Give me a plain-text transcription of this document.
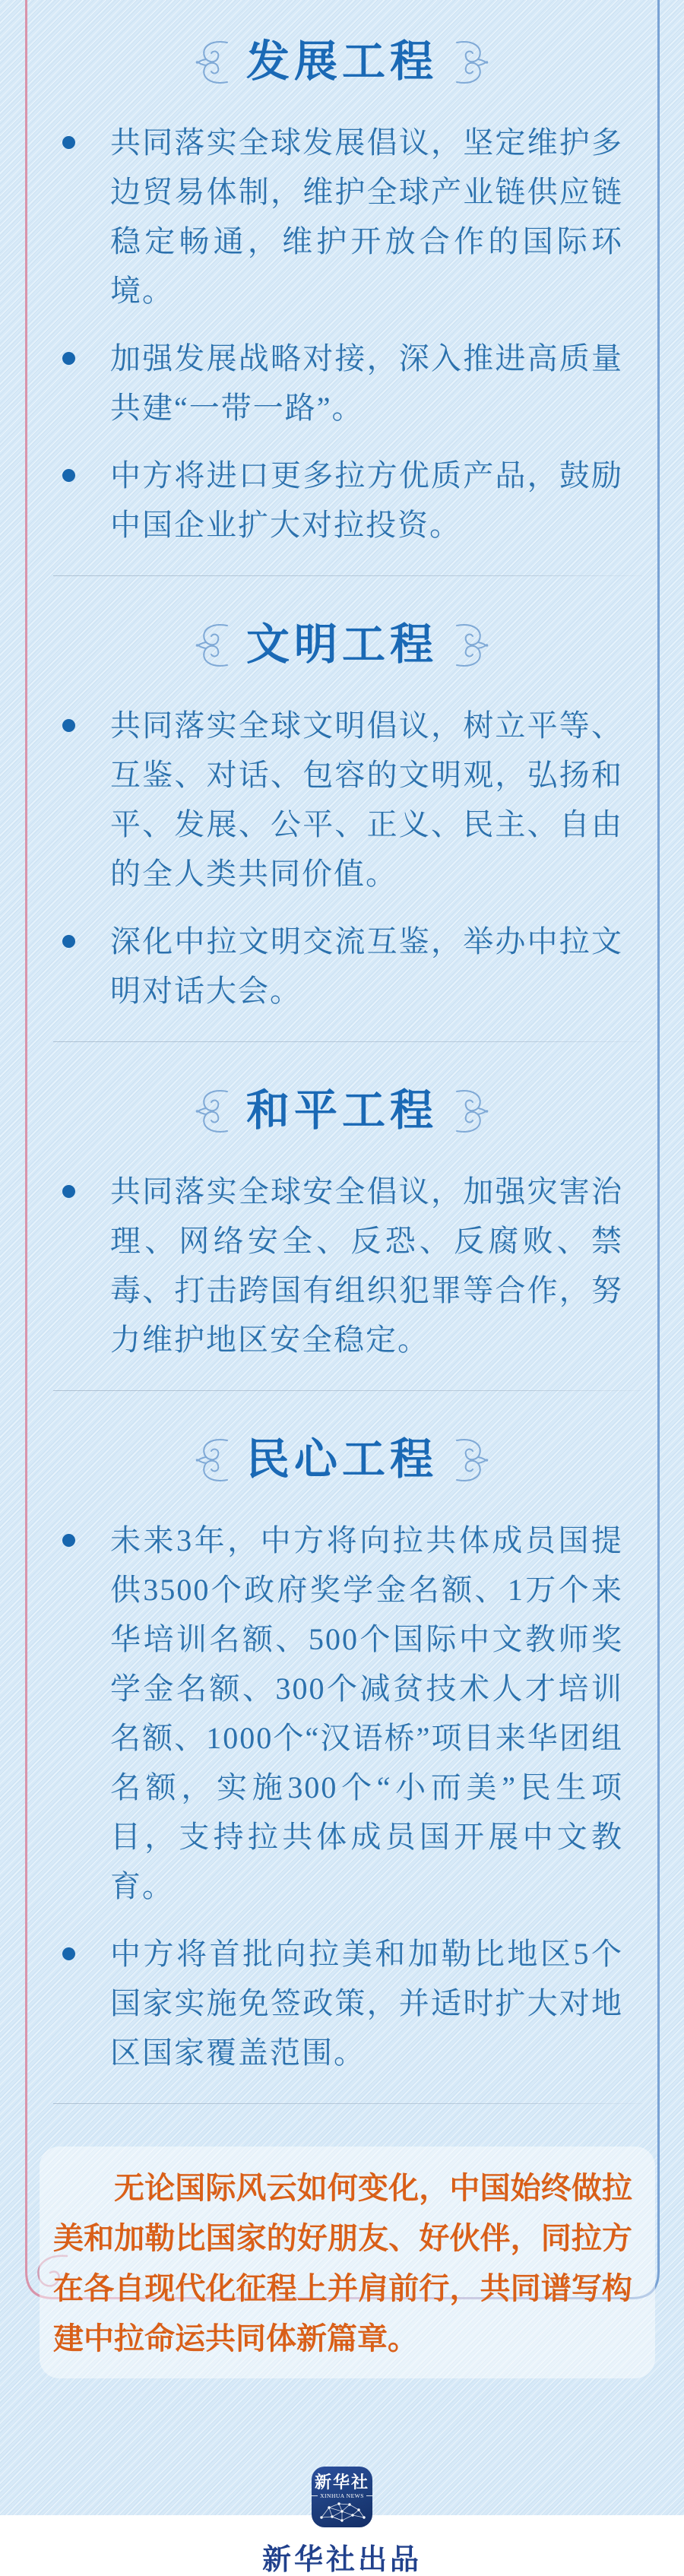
发展工程

共同落实全球发展倡议，坚定维护多边贸易体制，维护全球产业链供应链稳定畅通，维护开放合作的国际环境。

加强发展战略对接，深入推进高质量共建“一带一路”。

中方将进口更多拉方优质产品，鼓励中国企业扩大对拉投资。

文明工程

共同落实全球文明倡议，树立平等、互鉴、对话、包容的文明观，弘扬和平、发展、公平、正义、民主、自由的全人类共同价值。

深化中拉文明交流互鉴，举办中拉文明对话大会。

和平工程

共同落实全球安全倡议，加强灾害治理、网络安全、反恐、反腐败、禁毒、打击跨国有组织犯罪等合作，努力维护地区安全稳定。

民心工程

未来3年，中方将向拉共体成员国提供3500个政府奖学金名额、1万个来华培训名额、500个国际中文教师奖学金名额、300个减贫技术人才培训名额、1000个“汉语桥”项目来华团组名额，实施300个“小而美”民生项目，支持拉共体成员国开展中文教育。

中方将首批向拉美和加勒比地区5个国家实施免签政策，并适时扩大对地区国家覆盖范围。

无论国际风云如何变化，中国始终做拉美和加勒比国家的好朋友、好伙伴，同拉方在各自现代化征程上并肩前行，共同谱写构建中拉命运共同体新篇章。

新华社
XINHUA NEWS

新华社出品
